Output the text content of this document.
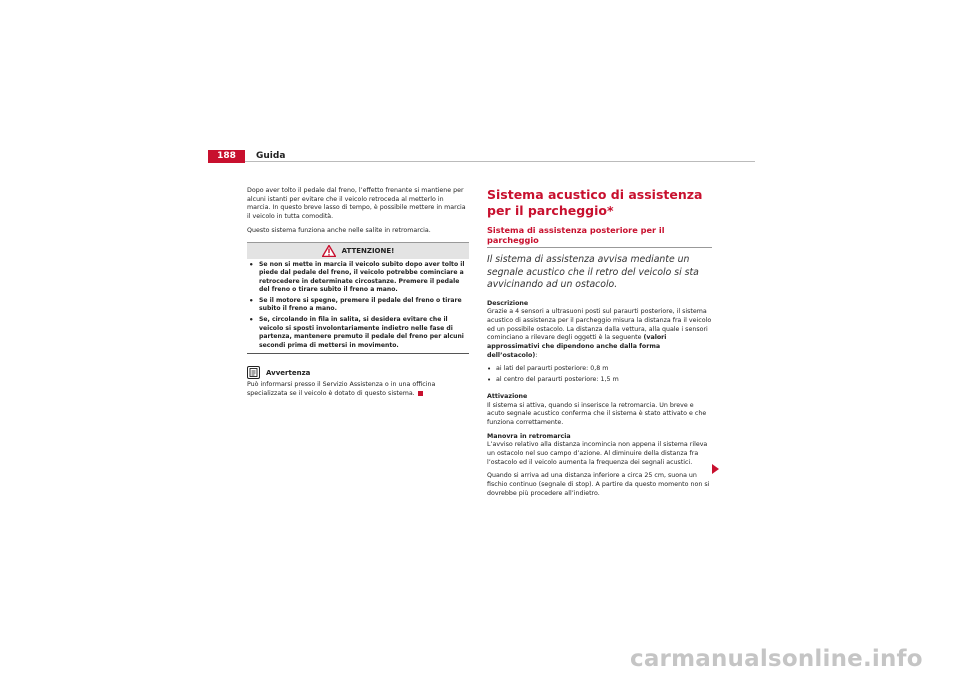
188	Guida

Dopo aver tolto il pedale dal freno, l’effetto frenante si mantiene per alcuni istanti per evitare che il veicolo retroceda al metterlo in marcia. In questo breve lasso di tempo, è possibile mettere in marcia il veicolo in tutta comodità.

Questo sistema funziona anche nelle salite in retromarcia.

ATTENZIONE!
• Se non si mette in marcia il veicolo subito dopo aver tolto il piede dal pedale del freno, il veicolo potrebbe cominciare a retrocedere in determinate circostanze. Premere il pedale del freno o tirare subito il freno a mano.
• Se il motore si spegne, premere il pedale del freno o tirare subito il freno a mano.
• Se, circolando in fila in salita, si desidera evitare che il veicolo si sposti involontariamente indietro nelle fase di partenza, mantenere premuto il pedale del freno per alcuni secondi prima di mettersi in movimento.
Avvertenza

Può informarsi presso il Servizio Assistenza o in una officina specializzata se il veicolo è dotato di questo sistema.

Sistema acustico di assistenza per il parcheggio*
Sistema di assistenza posteriore per il parcheggio

Il sistema di assistenza avvisa mediante un segnale acustico che il retro del veicolo si sta avvicinando ad un ostacolo.

Descrizione

Grazie a 4 sensori a ultrasuoni posti sul paraurti posteriore, il sistema acustico di assistenza per il parcheggio misura la distanza fra il veicolo ed un possibile ostacolo. La distanza dalla vettura, alla quale i sensori cominciano a rilevare degli oggetti è la seguente (valori approssimativi che dipendono anche dalla forma dell’ostacolo):

• ai lati del paraurti posteriore: 0,8 m
• al centro del paraurti posteriore: 1,5 m
Attivazione

Il sistema si attiva, quando si inserisce la retromarcia. Un breve e acuto segnale acustico conferma che il sistema è stato attivato e che funziona correttamente.

Manovra in retromarcia

L’avviso relativo alla distanza incomincia non appena il sistema rileva un ostacolo nel suo campo d’azione. Al diminuire della distanza fra l’ostacolo ed il veicolo aumenta la frequenza dei segnali acustici.

Quando si arriva ad una distanza inferiore a circa 25 cm, suona un fischio continuo (segnale di stop). A partire da questo momento non si dovrebbe più procedere all’indietro.

carmanualsonline.info
